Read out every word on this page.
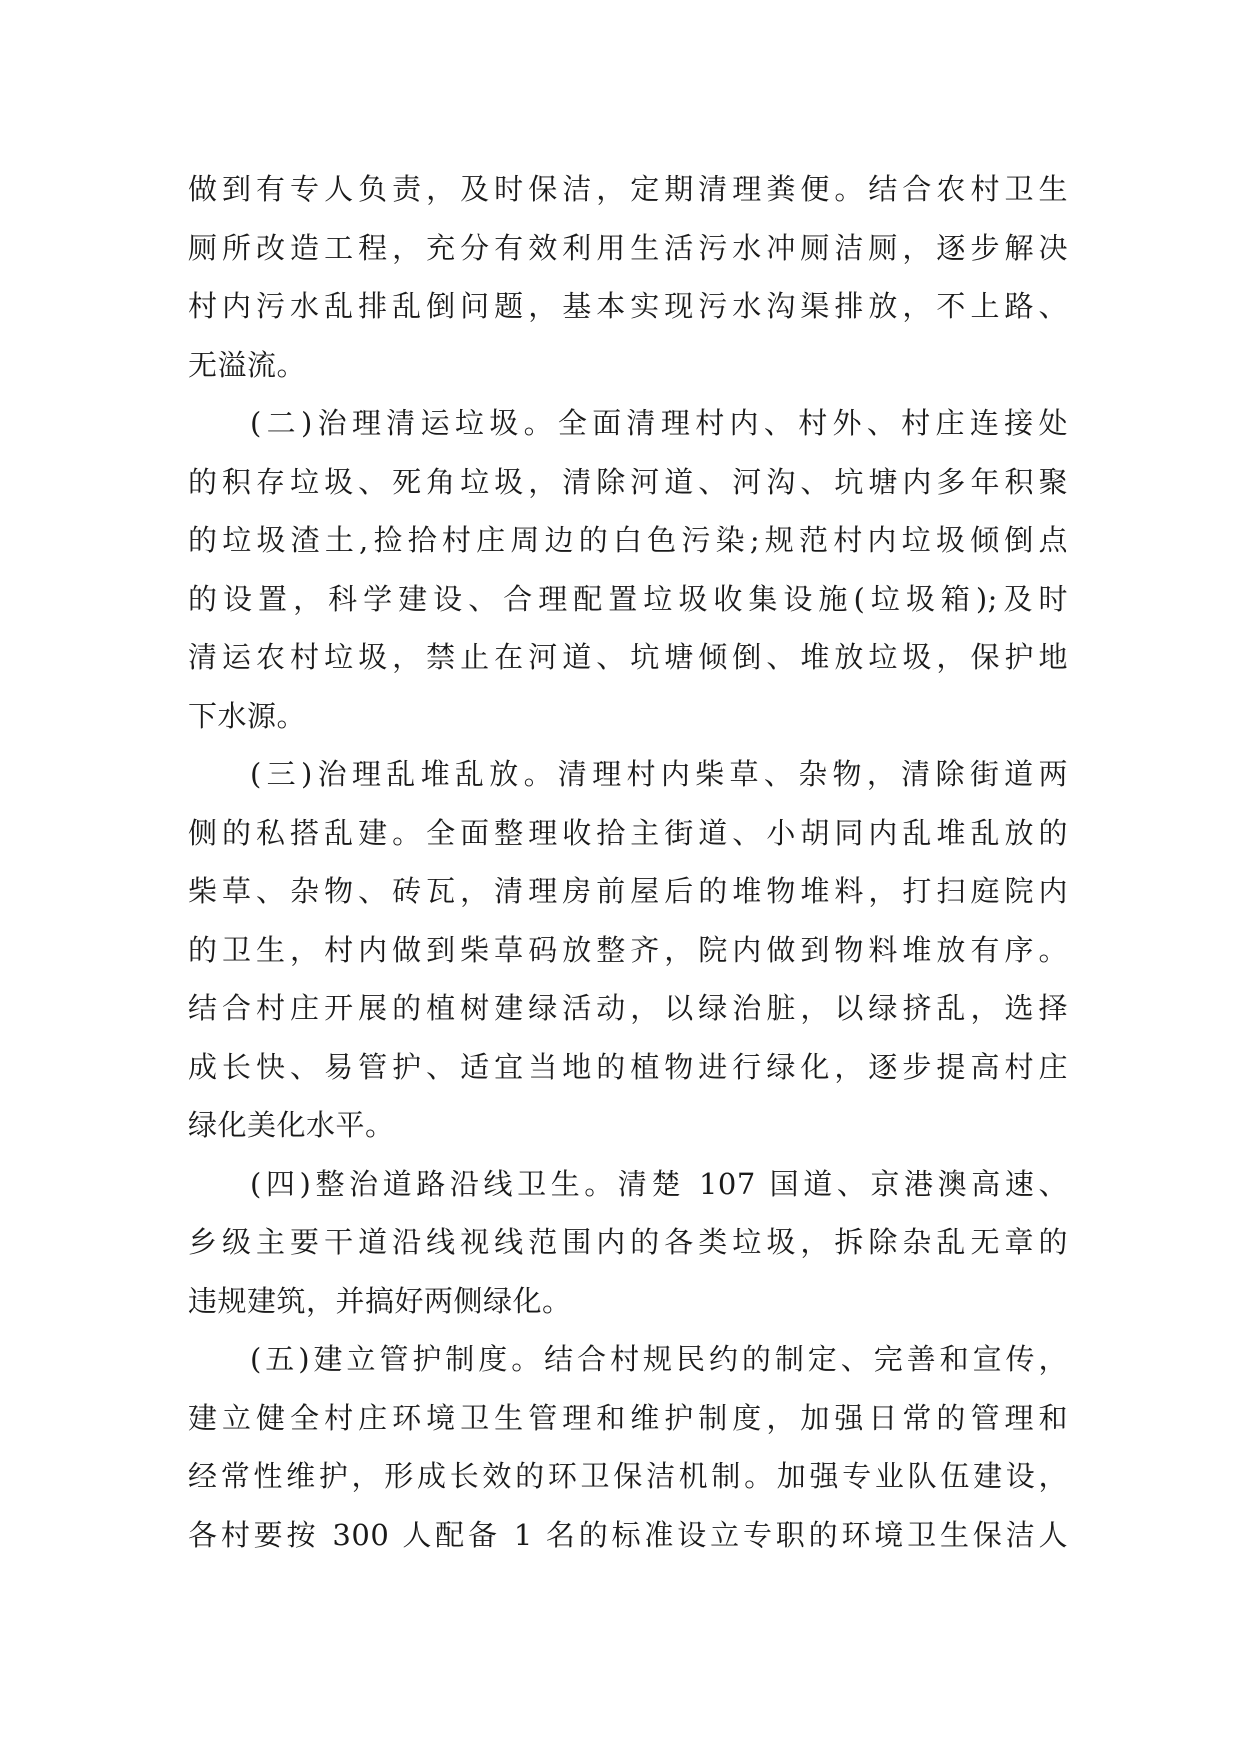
做到有专人负责，及时保洁，定期清理粪便。结合农村卫生
厕所改造工程，充分有效利用生活污水冲厕洁厕，逐步解决
村内污水乱排乱倒问题，基本实现污水沟渠排放，不上路、
无溢流。
(二)治理清运垃圾。全面清理村内、村外、村庄连接处
的积存垃圾、死角垃圾，清除河道、河沟、坑塘内多年积聚
的垃圾渣土,捡拾村庄周边的白色污染;规范村内垃圾倾倒点
的设置，科学建设、合理配置垃圾收集设施(垃圾箱);及时
清运农村垃圾，禁止在河道、坑塘倾倒、堆放垃圾，保护地
下水源。
(三)治理乱堆乱放。清理村内柴草、杂物，清除街道两
侧的私搭乱建。全面整理收拾主街道、小胡同内乱堆乱放的
柴草、杂物、砖瓦，清理房前屋后的堆物堆料，打扫庭院内
的卫生，村内做到柴草码放整齐，院内做到物料堆放有序。
结合村庄开展的植树建绿活动，以绿治脏，以绿挤乱，选择
成长快、易管护、适宜当地的植物进行绿化，逐步提高村庄
绿化美化水平。
(四)整治道路沿线卫生。清楚 107 国道、京港澳高速、
乡级主要干道沿线视线范围内的各类垃圾，拆除杂乱无章的
违规建筑，并搞好两侧绿化。
(五)建立管护制度。结合村规民约的制定、完善和宣传，
建立健全村庄环境卫生管理和维护制度，加强日常的管理和
经常性维护，形成长效的环卫保洁机制。加强专业队伍建设，
各村要按 300 人配备 1 名的标准设立专职的环境卫生保洁人
